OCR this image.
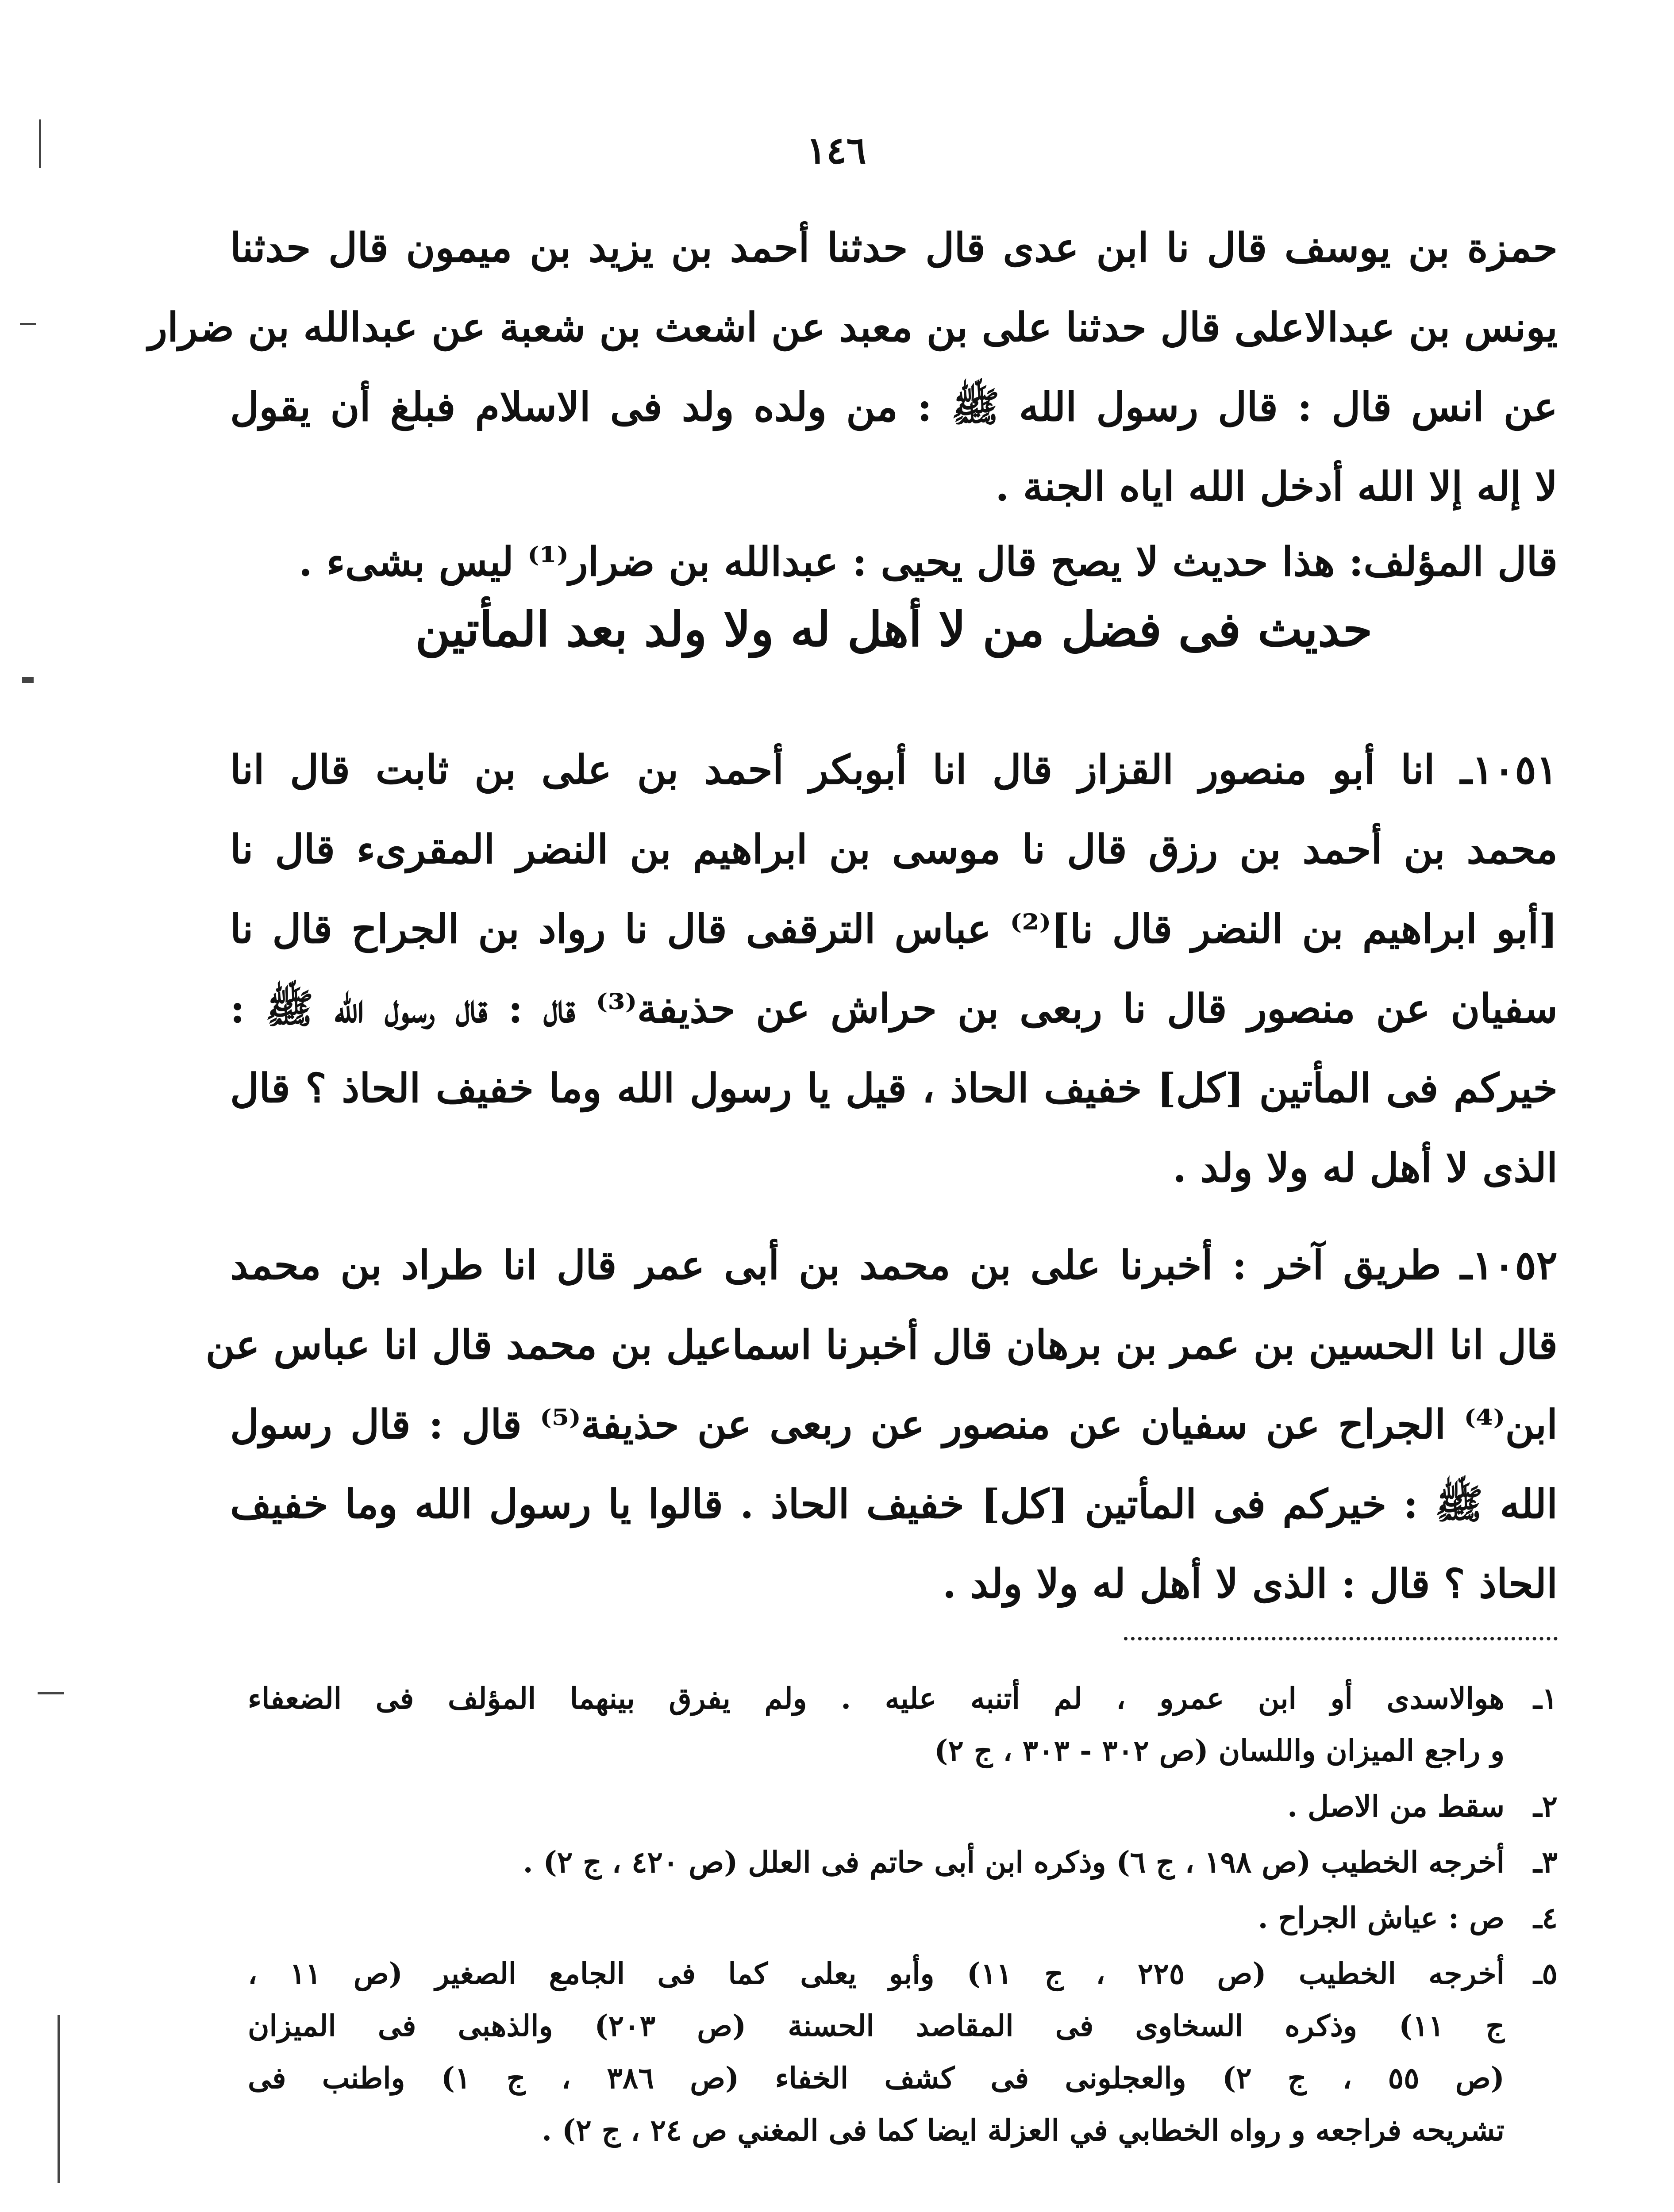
١٤٦
حمزة بن يوسف قال نا ابن عدى قال حدثنا أحمد بن يزيد بن ميمون قال حدثنا
يونس بن عبدالاعلى قال حدثنا على بن معبد عن اشعث بن شعبة عن عبدالله بن ضرار
عن انس قال : قال رسول الله ﷺ : من ولده ولد فى الاسلام فبلغ أن يقول
لا إله إلا الله أدخل الله اياه الجنة .
قال المؤلف: هذا حديث لا يصح قال يحيى : عبدالله بن ضرار⁽¹⁾ ليس بشىء .
حديث فى فضل من لا أهل له ولا ولد بعد المأتين
١٠٥١ـ انا أبو منصور القزاز قال انا أبوبكر أحمد بن على بن ثابت قال انا
محمد بن أحمد بن رزق قال نا موسى بن ابراهيم بن النضر المقرىء قال نا
[أبو ابراهيم بن النضر قال نا]⁽²⁾ عباس الترقفى قال نا رواد بن الجراح قال نا
سفيان عن منصور قال نا ربعى بن حراش عن حذيفة⁽³⁾ قال : قال رسول الله ﷺ :
خيركم فى المأتين [كل] خفيف الحاذ ، قيل يا رسول الله وما خفيف الحاذ ؟ قال
الذى لا أهل له ولا ولد .
١٠٥٢ـ طريق آخر : أخبرنا على بن محمد بن أبى عمر قال انا طراد بن محمد
قال انا الحسين بن عمر بن برهان قال أخبرنا اسماعيل بن محمد قال انا عباس عن
ابن⁽⁴⁾ الجراح عن سفيان عن منصور عن ربعى عن حذيفة⁽⁵⁾ قال : قال رسول
الله ﷺ : خيركم فى المأتين [كل] خفيف الحاذ . قالوا يا رسول الله وما خفيف
الحاذ ؟ قال : الذى لا أهل له ولا ولد .
١ـ
هوالاسدى أو ابن عمرو ، لم أتنبه عليه . ولم يفرق بينهما المؤلف فى الضعفاء
و راجع الميزان واللسان (ص ٣٠٢ - ٣٠٣ ، ج ٢)
٢ـ
سقط من الاصل .
٣ـ
أخرجه الخطيب (ص ١٩٨ ، ج ٦) وذكره ابن أبى حاتم فى العلل (ص ٤٢٠ ، ج ٢) .
٤ـ
ص : عياش الجراح .
٥ـ
أخرجه الخطيب (ص ٢٢٥ ، ج ١١) وأبو يعلى كما فى الجامع الصغير (ص ١١ ،
ج ١١) وذكره السخاوى فى المقاصد الحسنة (ص ٢٠٣) والذهبى فى الميزان
(ص ٥٥ ، ج ٢) والعجلونى فى كشف الخفاء (ص ٣٨٦ ، ج ١) واطنب فى
تشريحه فراجعه و رواه الخطابي في العزلة ايضا كما فى المغني ص ٢٤ ، ج ٢) .
